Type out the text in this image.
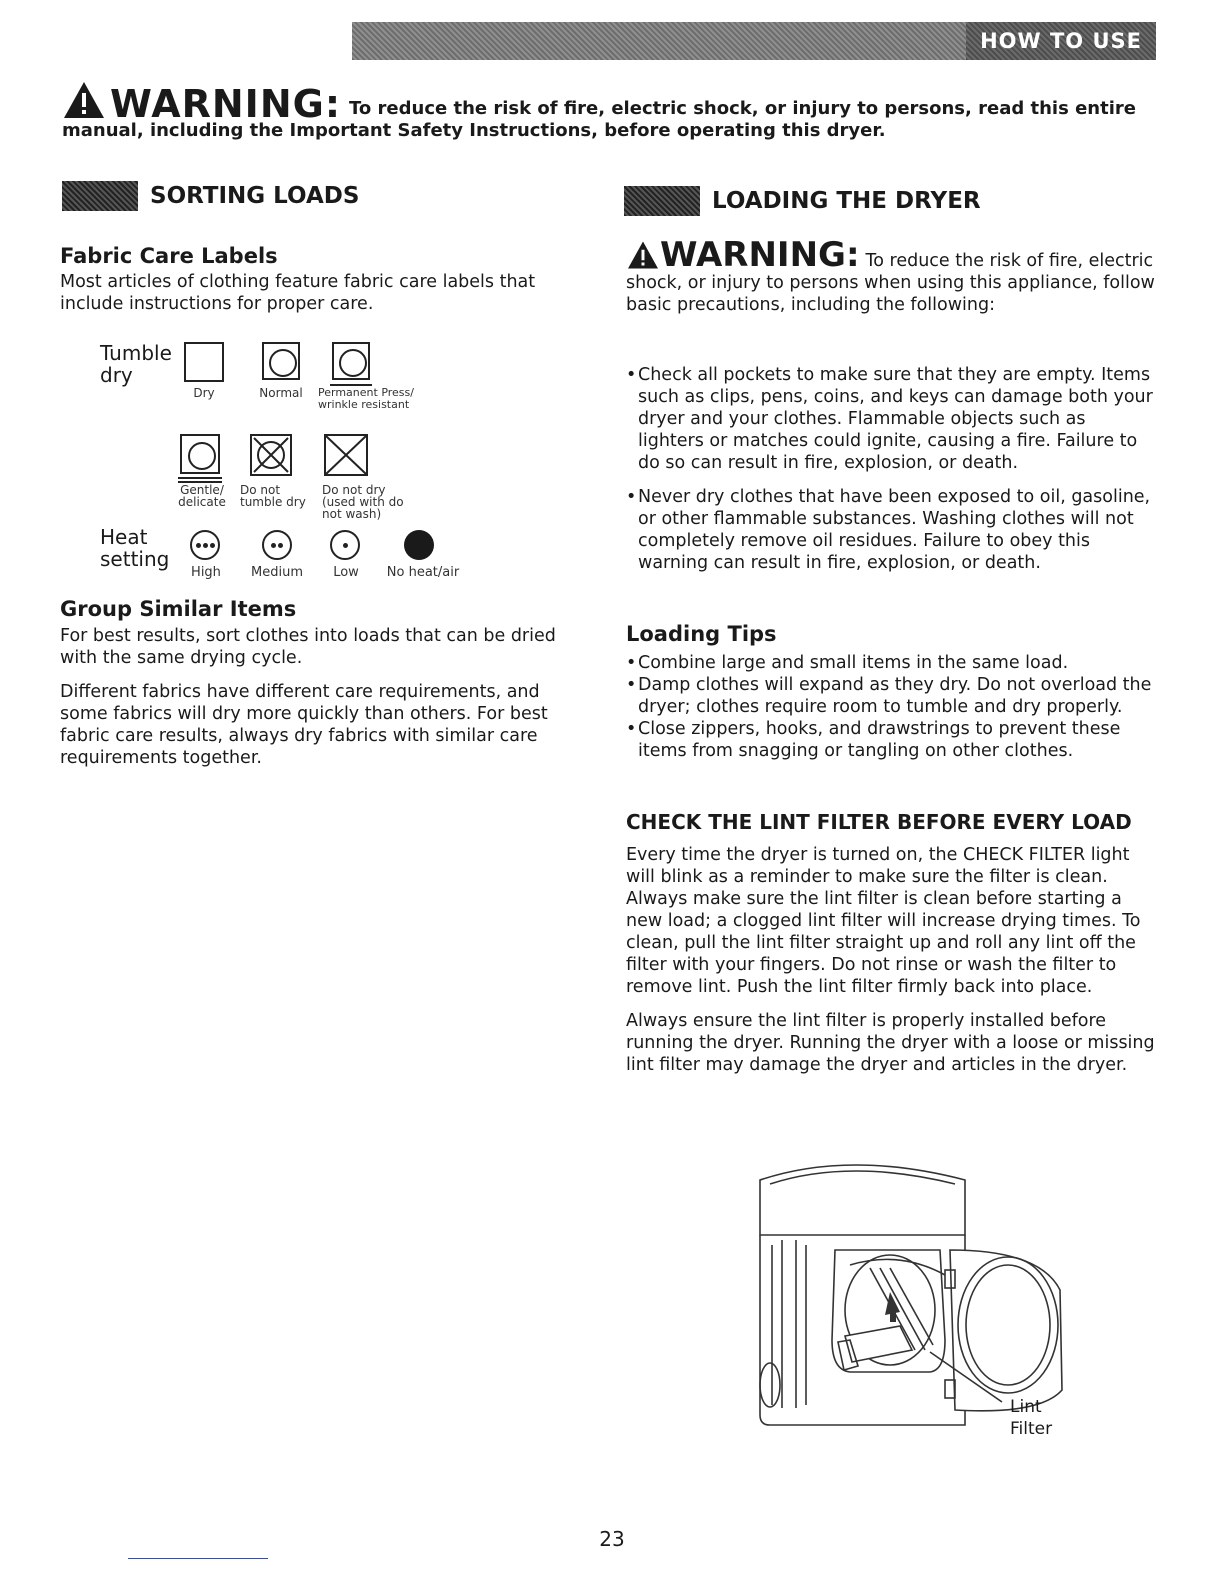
HOW TO USE
WARNING: To reduce the risk of fire, electric shock, or injury to persons, read this entire manual, including the Important Safety Instructions, before operating this dryer.
SORTING LOADS
Fabric Care Labels

Most articles of clothing feature fabric care labels that include instructions for proper care.

Tumble dry
Dry	Normal	Permanent Press/ wrinkle resistant
Gentle/ delicate
Do not tumble dry
Do not dry (used with do not wash)
Heat setting
High	Medium	Low	No heat/air
Group Similar Items

For best results, sort clothes into loads that can be dried with the same drying cycle.

Different fabrics have different care requirements, and some fabrics will dry more quickly than others. For best fabric care results, always dry fabrics with similar care requirements together.

LOADING THE DRYER
WARNING: To reduce the risk of fire, electric shock, or injury to persons when using this appliance, follow basic precautions, including the following:
• Check all pockets to make sure that they are empty. Items such as clips, pens, coins, and keys can damage both your dryer and your clothes. Flammable objects such as lighters or matches could ignite, causing a fire. Failure to do so can result in fire, explosion, or death.
• Never dry clothes that have been exposed to oil, gasoline, or other flammable substances. Washing clothes will not completely remove oil residues. Failure to obey this warning can result in fire, explosion, or death.
Loading Tips
• Combine large and small items in the same load.
• Damp clothes will expand as they dry. Do not overload the dryer; clothes require room to tumble and dry properly.
• Close zippers, hooks, and drawstrings to prevent these items from snagging or tangling on other clothes.
CHECK THE LINT FILTER BEFORE EVERY LOAD

Every time the dryer is turned on, the CHECK FILTER light will blink as a reminder to make sure the filter is clean. Always make sure the lint filter is clean before starting a new load; a clogged lint filter will increase drying times. To clean, pull the lint filter straight up and roll any lint off the filter with your fingers. Do not rinse or wash the filter to remove lint. Push the lint filter firmly back into place.

Always ensure the lint filter is properly installed before running the dryer. Running the dryer with a loose or missing lint filter may damage the dryer and articles in the dryer.

Lint
Filter
23
